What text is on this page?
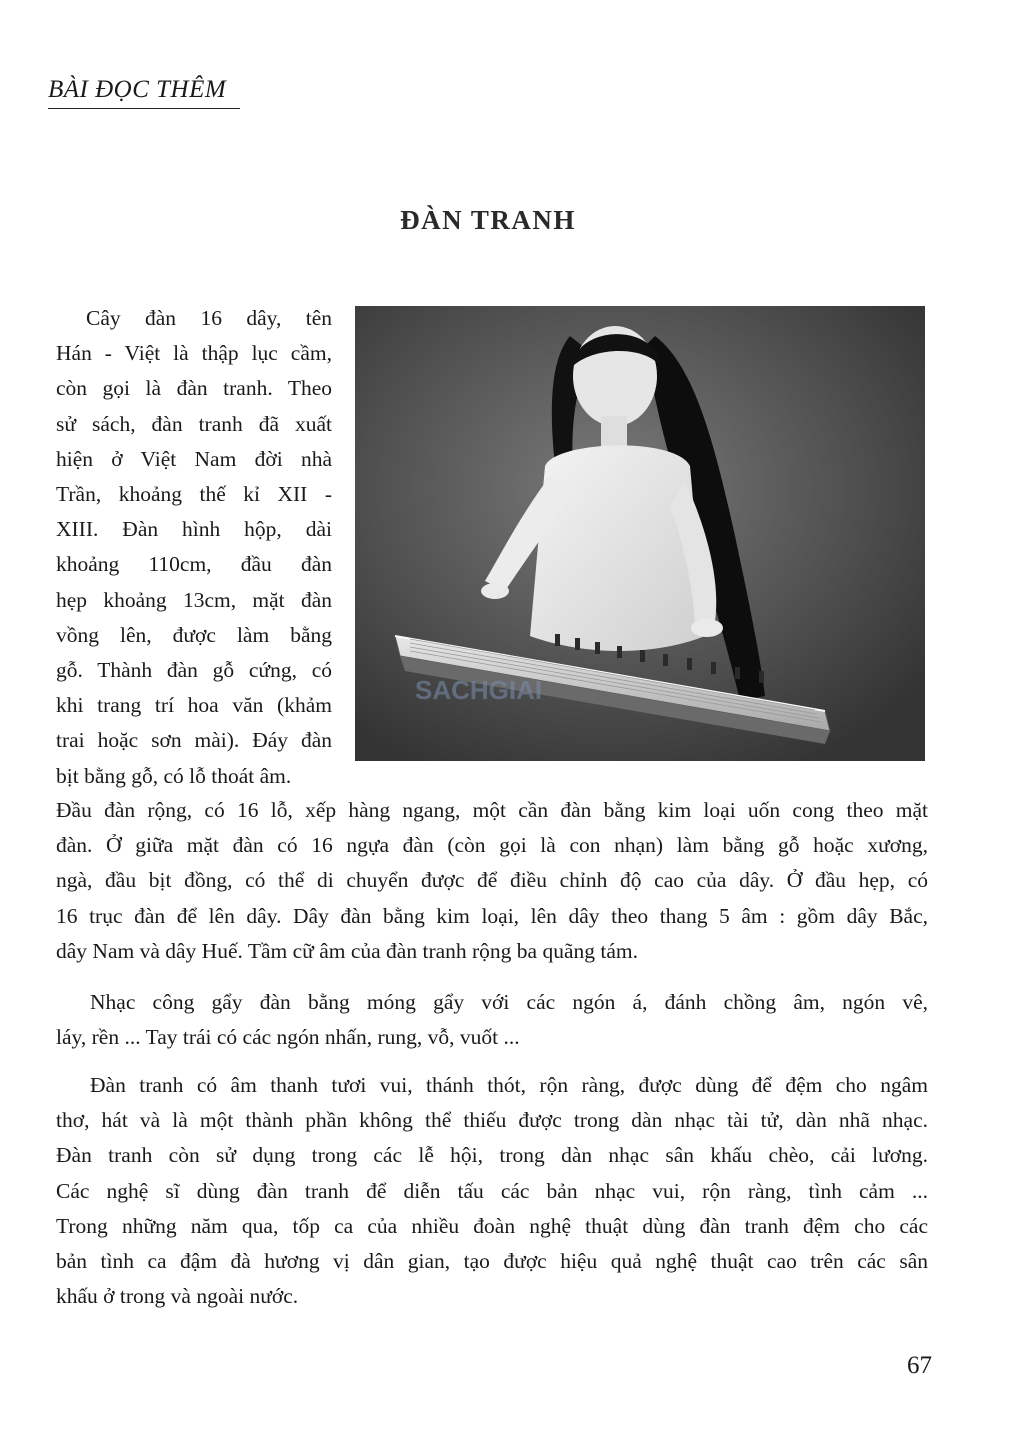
BÀI ĐỌC THÊM
ĐÀN TRANH
Cây đàn 16 dây, tên
Hán - Việt là thập lục cầm,
còn gọi là đàn tranh. Theo
sử sách, đàn tranh đã xuất
hiện ở Việt Nam đời nhà
Trần, khoảng thế kỉ XII -
XIII. Đàn hình hộp, dài
khoảng 110cm, đầu đàn
hẹp khoảng 13cm, mặt đàn
vồng lên, được làm bằng
gỗ. Thành đàn gỗ cứng, có
khi trang trí hoa văn (khảm
trai hoặc sơn mài). Đáy đàn
bịt bằng gỗ, có lỗ thoát âm.
SACHGIAI
Đầu đàn rộng, có 16 lỗ, xếp hàng ngang, một cần đàn bằng kim loại uốn cong theo mặt
đàn. Ở giữa mặt đàn có 16 ngựa đàn (còn gọi là con nhạn) làm bằng gỗ hoặc xương,
ngà, đầu bịt đồng, có thể di chuyển được để điều chỉnh độ cao của dây. Ở đầu hẹp, có
16 trục đàn để lên dây. Dây đàn bằng kim loại, lên dây theo thang 5 âm : gồm dây Bắc,
dây Nam và dây Huế. Tầm cữ âm của đàn tranh rộng ba quãng tám.
Nhạc công gẩy đàn bằng móng gẩy với các ngón á, đánh chồng âm, ngón vê,
láy, rền ... Tay trái có các ngón nhấn, rung, vỗ, vuốt ...
Đàn tranh có âm thanh tươi vui, thánh thót, rộn ràng, được dùng để đệm cho ngâm
thơ, hát và là một thành phần không thể thiếu được trong dàn nhạc tài tử, dàn nhã nhạc.
Đàn tranh còn sử dụng trong các lễ hội, trong dàn nhạc sân khấu chèo, cải lương.
Các nghệ sĩ dùng đàn tranh để diễn tấu các bản nhạc vui, rộn ràng, tình cảm ...
Trong những năm qua, tốp ca của nhiều đoàn nghệ thuật dùng đàn tranh đệm cho các
bản tình ca đậm đà hương vị dân gian, tạo được hiệu quả nghệ thuật cao trên các sân
khấu ở trong và ngoài nước.
67
